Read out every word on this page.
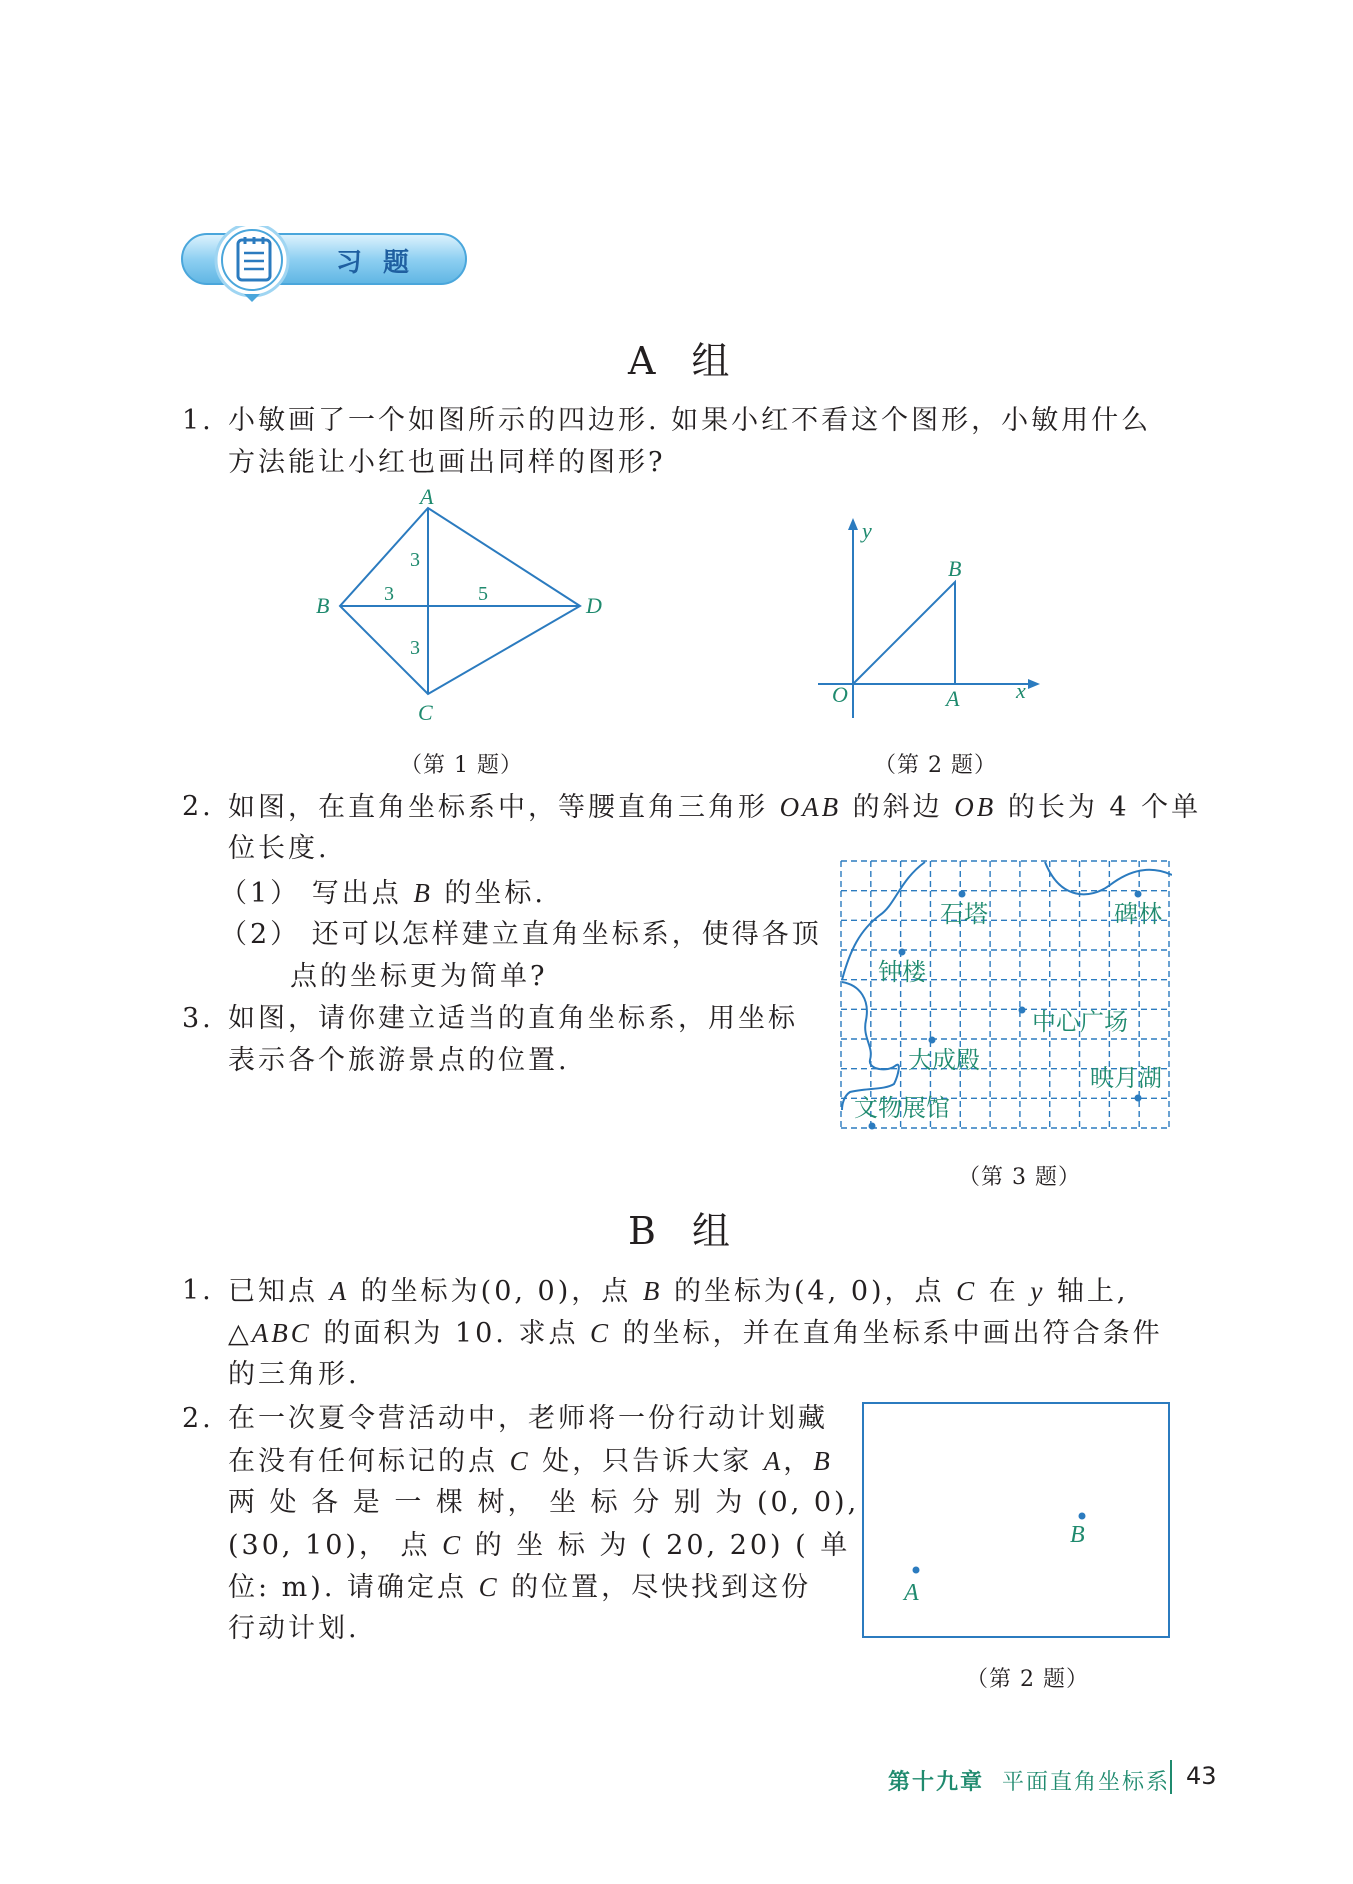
习 题
A 组
1. 小敏画了一个如图所示的四边形. 如果小红不看这个图形，小敏用什么
方法能让小红也画出同样的图形?
A
B
C
D
3
3	5
3
（第 1 题）
y
x
O	A
B
（第 2 题）
2. 如图，在直角坐标系中，等腰直角三角形 OAB 的斜边 OB 的长为 4 个单
位长度.
（1） 写出点 B 的坐标.
（2） 还可以怎样建立直角坐标系，使得各顶
点的坐标更为简单?
3. 如图，请你建立适当的直角坐标系，用坐标
表示各个旅游景点的位置.
石塔	碑林
钟楼
中心广场
大成殿
映月湖
文物展馆
（第 3 题）
B 组
1. 已知点 A 的坐标为(0, 0)，点 B 的坐标为(4, 0)，点 C 在 y 轴上,
△ABC 的面积为 10. 求点 C 的坐标，并在直角坐标系中画出符合条件
的三角形.
2. 在一次夏令营活动中，老师将一份行动计划藏
在没有任何标记的点 C 处，只告诉大家 A，B
两 处 各 是 一 棵 树， 坐 标 分 别 为 (0, 0),
(30, 10)， 点 C 的 坐 标 为 ( 20, 20) ( 单
位: m). 请确定点 C 的位置，尽快找到这份
行动计划.
A
B
（第 2 题）
第十九章 平面直角坐标系 43
